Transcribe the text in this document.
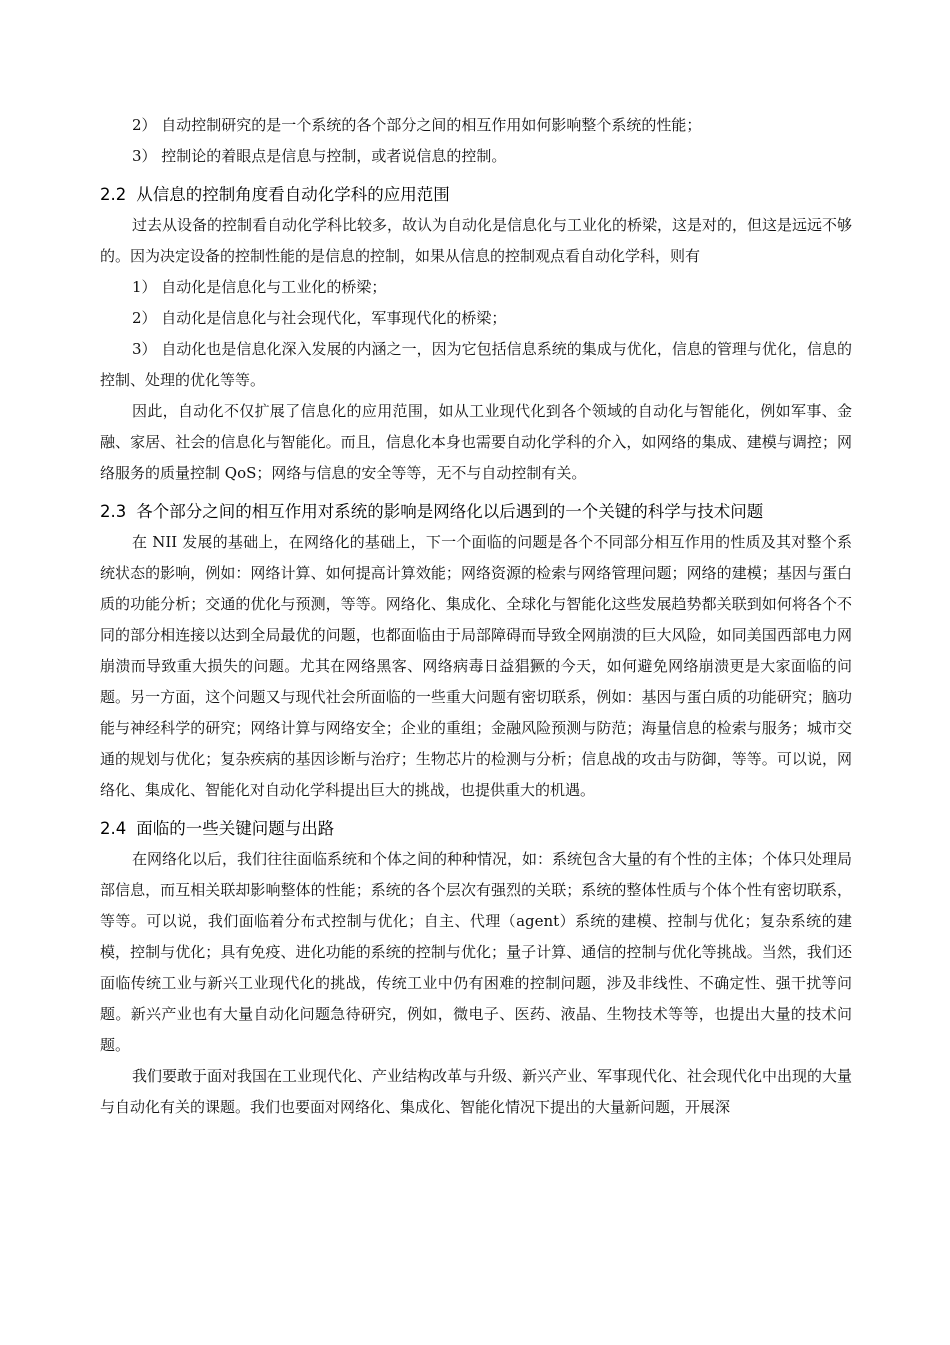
2） 自动控制研究的是一个系统的各个部分之间的相互作用如何影响整个系统的性能；

3） 控制论的着眼点是信息与控制，或者说信息的控制。

2.2 从信息的控制角度看自动化学科的应用范围

过去从设备的控制看自动化学科比较多，故认为自动化是信息化与工业化的桥梁，这是对的，但这是远远不够的。因为决定设备的控制性能的是信息的控制，如果从信息的控制观点看自动化学科，则有

1） 自动化是信息化与工业化的桥梁；

2） 自动化是信息化与社会现代化，军事现代化的桥梁；

3） 自动化也是信息化深入发展的内涵之一，因为它包括信息系统的集成与优化，信息的管理与优化，信息的控制、处理的优化等等。

因此，自动化不仅扩展了信息化的应用范围，如从工业现代化到各个领域的自动化与智能化，例如军事、金融、家居、社会的信息化与智能化。而且，信息化本身也需要自动化学科的介入，如网络的集成、建模与调控；网络服务的质量控制 QoS；网络与信息的安全等等，无不与自动控制有关。

2.3 各个部分之间的相互作用对系统的影响是网络化以后遇到的一个关键的科学与技术问题

在 NII 发展的基础上，在网络化的基础上，下一个面临的问题是各个不同部分相互作用的性质及其对整个系统状态的影响，例如：网络计算、如何提高计算效能；网络资源的检索与网络管理问题；网络的建模；基因与蛋白质的功能分析；交通的优化与预测，等等。网络化、集成化、全球化与智能化这些发展趋势都关联到如何将各个不同的部分相连接以达到全局最优的问题，也都面临由于局部障碍而导致全网崩溃的巨大风险，如同美国西部电力网崩溃而导致重大损失的问题。尤其在网络黑客、网络病毒日益猖獗的今天，如何避免网络崩溃更是大家面临的问题。另一方面，这个问题又与现代社会所面临的一些重大问题有密切联系，例如：基因与蛋白质的功能研究；脑功能与神经科学的研究；网络计算与网络安全；企业的重组；金融风险预测与防范；海量信息的检索与服务；城市交通的规划与优化；复杂疾病的基因诊断与治疗；生物芯片的检测与分析；信息战的攻击与防御，等等。可以说，网络化、集成化、智能化对自动化学科提出巨大的挑战，也提供重大的机遇。

2.4 面临的一些关键问题与出路

在网络化以后，我们往往面临系统和个体之间的种种情况，如：系统包含大量的有个性的主体；个体只处理局部信息，而互相关联却影响整体的性能；系统的各个层次有强烈的关联；系统的整体性质与个体个性有密切联系，等等。可以说，我们面临着分布式控制与优化；自主、代理（agent）系统的建模、控制与优化；复杂系统的建模，控制与优化；具有免疫、进化功能的系统的控制与优化；量子计算、通信的控制与优化等挑战。当然，我们还面临传统工业与新兴工业现代化的挑战，传统工业中仍有困难的控制问题，涉及非线性、不确定性、强干扰等问题。新兴产业也有大量自动化问题急待研究，例如，微电子、医药、液晶、生物技术等等，也提出大量的技术问题。

我们要敢于面对我国在工业现代化、产业结构改革与升级、新兴产业、军事现代化、社会现代化中出现的大量与自动化有关的课题。我们也要面对网络化、集成化、智能化情况下提出的大量新问题，开展深
